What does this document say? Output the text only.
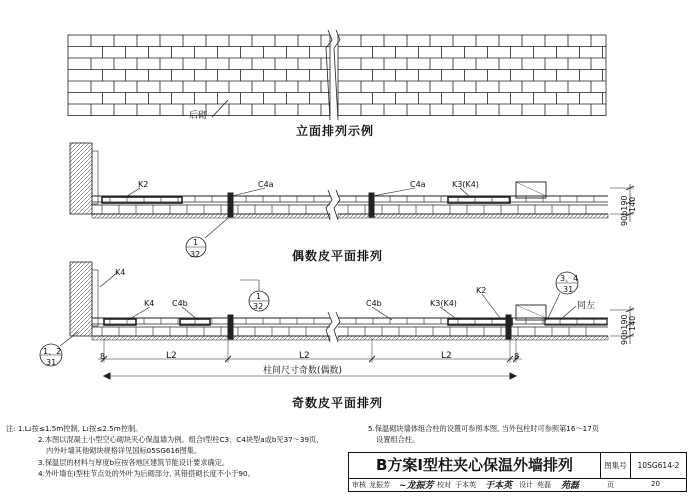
立面排列示例
偶数皮平面排列
奇数皮平面排列
后砌
K2	C4a	C4a	K3(K4)
K4
K4 C4b	C4b	K3(K4)
K2
同左
L2	L2	L2
8	8
柱间尺寸奇数(偶数)
90b190 140
90b190 140
1
32
1
32
3、4
31
1、2
31
注: 1.L₂按≤1.5m控制, L₁按≤2.5m控制。
2.本图以混凝土小型空心砌块夹心保温墙为例。组合Ⅰ型柱C3、C4块型a或b见37～39页,
内外叶墙其他砌块规格详见国标05SG616图集。
3.保温层的材料与厚度b应按各地区建筑节能设计要求确定。
4.外叶墙在Ⅰ型柱节点处的外叶为后砌部分, 其错搭砌长度不小于90。
5.保温砌块墙体组合柱的设置可参照本图, 当外包柱时可参照第16～17页
设置组合柱。
B方案Ⅰ型柱夹心保温外墙排列	图集号	10SG614-2
审核 龙振芳 ~龙振芳 校对 于本英 于本英 设计 苑磊 苑磊	页	20
